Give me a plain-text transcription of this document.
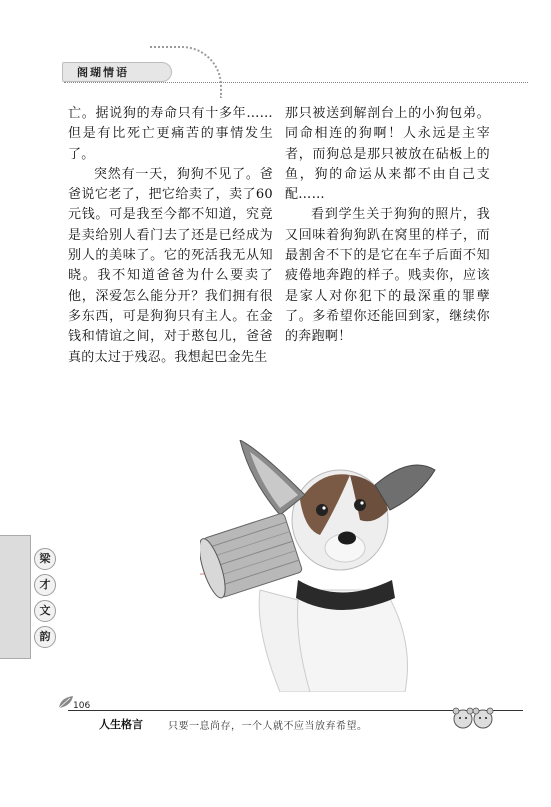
阁瑚情语

亡。据说狗的寿命只有十多年……但是有比死亡更痛苦的事情发生了。

突然有一天，狗狗不见了。爸爸说它老了，把它给卖了，卖了60元钱。可是我至今都不知道，究竟是卖给别人看门去了还是已经成为别人的美味了。它的死活我无从知晓。我不知道爸爸为什么要卖了他，深爱怎么能分开？我们拥有很多东西，可是狗狗只有主人。在金钱和情谊之间，对于憨包儿，爸爸真的太过于残忍。我想起巴金先生

那只被送到解剖台上的小狗包弟。同命相连的狗啊！人永远是主宰者，而狗总是那只被放在砧板上的鱼，狗的命运从来都不由自己支配……

看到学生关于狗狗的照片，我又回味着狗狗趴在窝里的样子，而最割舍不下的是它在车子后面不知疲倦地奔跑的样子。贱卖你，应该是家人对你犯下的最深重的罪孽了。多希望你还能回到家，继续你的奔跑啊！

梁
才
文
韵
106
人生格言	只要一息尚存，一个人就不应当放弃希望。
